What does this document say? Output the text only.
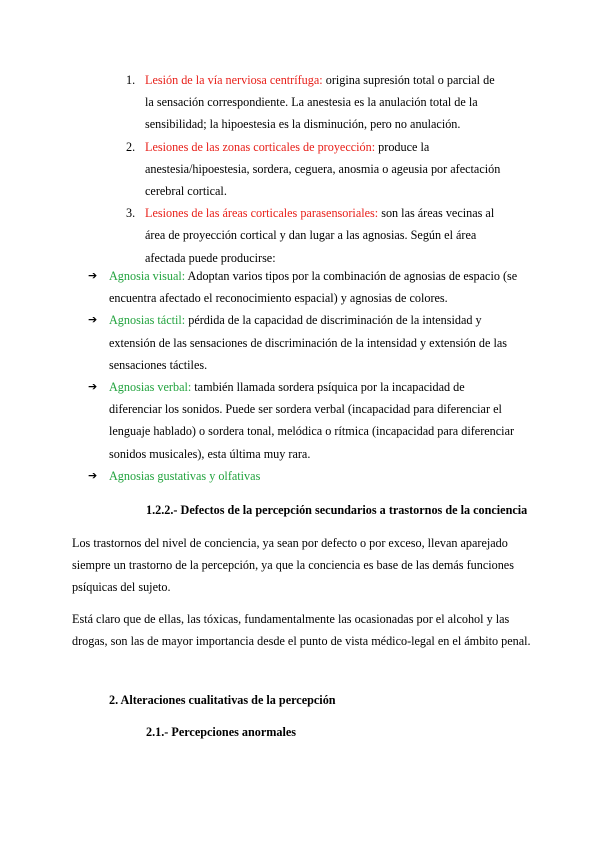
1. Lesión de la vía nerviosa centrífuga: origina supresión total o parcial de la sensación correspondiente. La anestesia es la anulación total de la sensibilidad; la hipoestesia es la disminución, pero no anulación.
2. Lesiones de las zonas corticales de proyección: produce la anestesia/hipoestesia, sordera, ceguera, anosmia o ageusia por afectación cerebral cortical.
3. Lesiones de las áreas corticales parasensoriales: son las áreas vecinas al área de proyección cortical y dan lugar a las agnosias. Según el área afectada puede producirse:
➔ Agnosia visual: Adoptan varios tipos por la combinación de agnosias de espacio (se encuentra afectado el reconocimiento espacial) y agnosias de colores.
➔ Agnosias táctil: pérdida de la capacidad de discriminación de la intensidad y extensión de las sensaciones de discriminación de la intensidad y extensión de las sensaciones táctiles.
➔ Agnosias verbal: también llamada sordera psíquica por la incapacidad de diferenciar los sonidos. Puede ser sordera verbal (incapacidad para diferenciar el lenguaje hablado) o sordera tonal, melódica o rítmica (incapacidad para diferenciar sonidos musicales), esta última muy rara.
➔ Agnosias gustativas y olfativas
1.2.2.- Defectos de la percepción secundarios a trastornos de la conciencia
Los trastornos del nivel de conciencia, ya sean por defecto o por exceso, llevan aparejado siempre un trastorno de la percepción, ya que la conciencia es base de las demás funciones psíquicas del sujeto.
Está claro que de ellas, las tóxicas, fundamentalmente las ocasionadas por el alcohol y las drogas, son las de mayor importancia desde el punto de vista médico-legal en el ámbito penal.
2. Alteraciones cualitativas de la percepción
2.1.- Percepciones anormales
